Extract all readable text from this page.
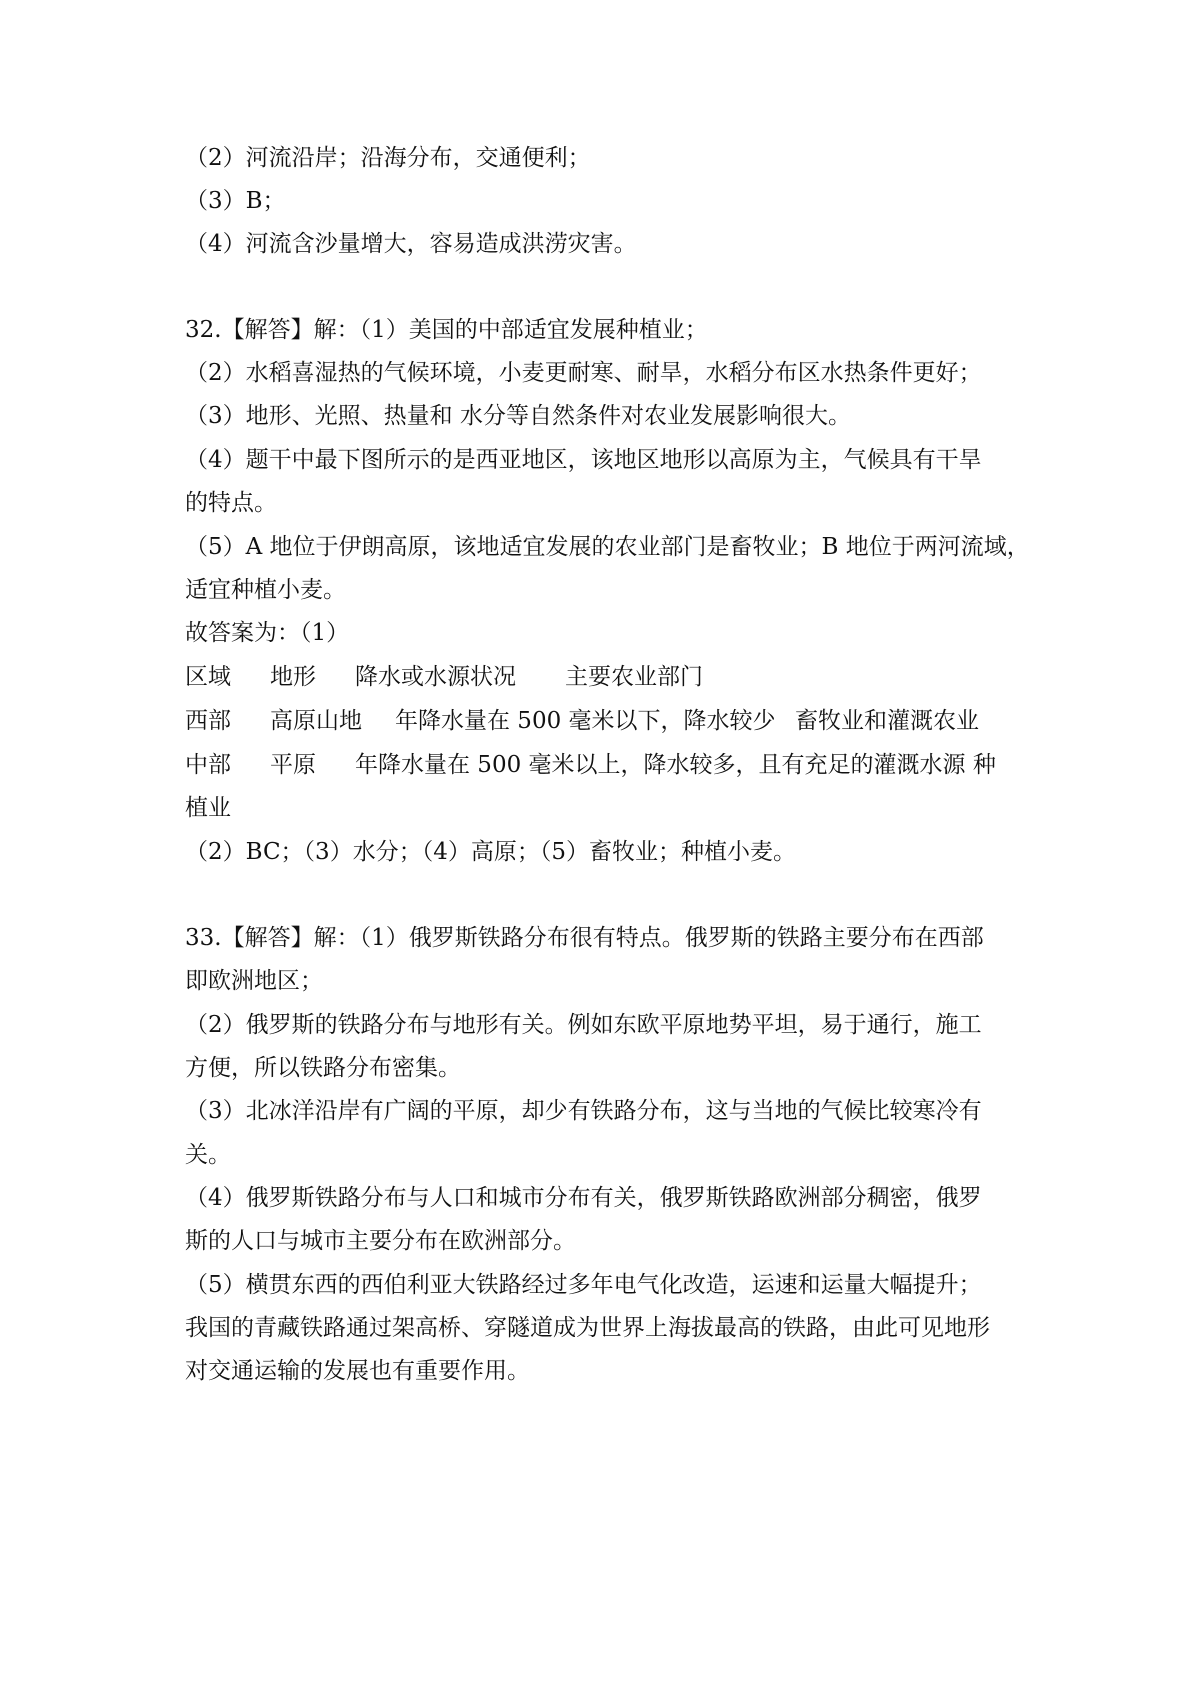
（2）河流沿岸；沿海分布，交通便利；
（3）B；
（4）河流含沙量增大，容易造成洪涝灾害。
32.【解答】解：（1）美国的中部适宜发展种植业；
（2）水稻喜湿热的气候环境，小麦更耐寒、耐旱，水稻分布区水热条件更好；
（3）地形、光照、热量和 水分等自然条件对农业发展影响很大。
（4）题干中最下图所示的是西亚地区，该地区地形以高原为主，气候具有干旱
的特点。
（5）A 地位于伊朗高原，该地适宜发展的农业部门是畜牧业；B 地位于两河流域，
适宜种植小麦。
故答案为：（1）
区域 地形 降水或水源状况 主要农业部门
西部 高原山地 年降水量在 500 毫米以下，降水较少 畜牧业和灌溉农业
中部 平原 年降水量在 500 毫米以上，降水较多，且有充足的灌溉水源 种
植业
（2）BC；（3）水分；（4）高原；（5）畜牧业；种植小麦。
33.【解答】解：（1）俄罗斯铁路分布很有特点。俄罗斯的铁路主要分布在西部
即欧洲地区；
（2）俄罗斯的铁路分布与地形有关。例如东欧平原地势平坦，易于通行，施工
方便，所以铁路分布密集。
（3）北冰洋沿岸有广阔的平原，却少有铁路分布，这与当地的气候比较寒冷有
关。
（4）俄罗斯铁路分布与人口和城市分布有关，俄罗斯铁路欧洲部分稠密，俄罗
斯的人口与城市主要分布在欧洲部分。
（5）横贯东西的西伯利亚大铁路经过多年电气化改造，运速和运量大幅提升；
我国的青藏铁路通过架高桥、穿隧道成为世界上海拔最高的铁路，由此可见地形
对交通运输的发展也有重要作用。
